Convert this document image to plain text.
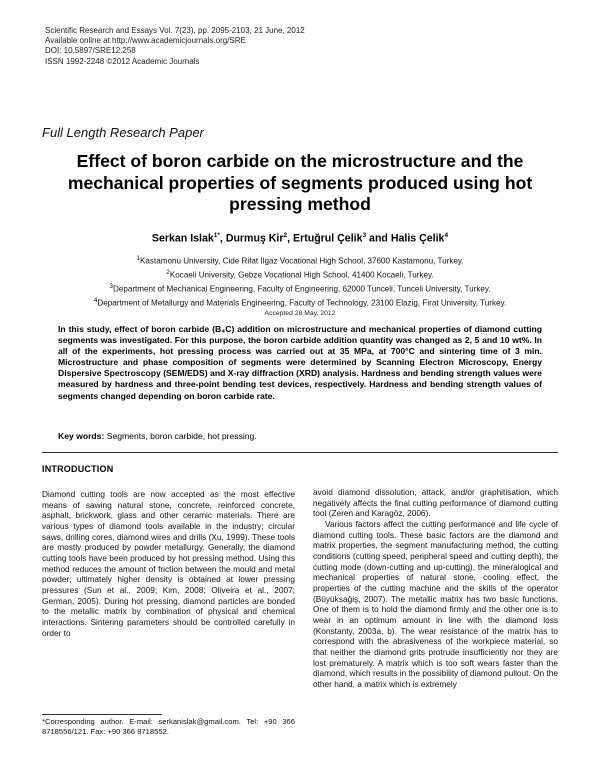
Scientific Research and Essays Vol. 7(23), pp. 2095-2103, 21 June, 2012
Available online at http://www.academicjournals.org/SRE
DOI: 10.5897/SRE12.258
ISSN 1992-2248 ©2012 Academic Journals
Full Length Research Paper
Effect of boron carbide on the microstructure and the mechanical properties of segments produced using hot pressing method
Serkan Islak$^{1*}$, Durmuş Kir$^2$, Ertuğrul Çelik$^3$ and Halis Çelik$^4$
$^1$Kastamonu University, Cide Rifat Ilgaz Vocational High School, 37600 Kastamonu, Turkey.
$^2$Kocaeli University, Gebze Vocational High School, 41400 Kocaeli, Turkey.
$^3$Department of Mechanical Engineering, Faculty of Engineering, 62000 Tunceli, Tunceli University, Turkey.
$^4$Department of Metallurgy and Materials Engineering, Faculty of Technology, 23100 Elazig, Firat University, Turkey.
Accepted 28 May, 2012
In this study, effect of boron carbide (B₄C) addition on microstructure and mechanical properties of diamond cutting segments was investigated. For this purpose, the boron carbide addition quantity was changed as 2, 5 and 10 wt%. In all of the experiments, hot pressing process was carried out at 35 MPa, at 700°C and sintering time of 3 min. Microstructure and phase composition of segments were determined by Scanning Electron Microscopy, Energy Dispersive Spectroscopy (SEM/EDS) and X-ray diffraction (XRD) analysis. Hardness and bending strength values were measured by hardness and three-point bending test devices, respectively. Hardness and bending strength values of segments changed depending on boron carbide rate.
Key words: Segments, boron carbide, hot pressing.
INTRODUCTION

Diamond cutting tools are now accepted as the most effective means of sawing natural stone, concrete, reinforced concrete, asphalt, brickwork, glass and other ceramic materials. There are various types of diamond tools available in the industry; circular saws, drilling cores, diamond wires and drills (Xu, 1999). These tools are mostly produced by powder metallurgy. Generally, the diamond cutting tools have been produced by hot pressing method. Using this method reduces the amount of friction between the mould and metal powder; ultimately higher density is obtained at lower pressing pressures (Sun et al., 2009; Kim, 2008; Oliveira et al., 2007; German, 2005). During hot pressing, diamond particles are bonded to the metallic matrix by combination of physical and chemical interactions. Sintering parameters should be controlled carefully in order to

avoid diamond dissolution, attack, and/or graphitisation, which negatively affects the final cutting performance of diamond cutting tool (Zeren and Karagöz, 2006).

Various factors affect the cutting performance and life cycle of diamond cutting tools. These basic factors are the diamond and matrix properties, the segment manufacturing method, the cutting conditions (cutting speed, peripheral speed and cutting depth), the cutting mode (down-cutting and up-cutting), the mineralogical and mechanical properties of natural stone, cooling effect, the properties of the cutting machine and the skills of the operator (Büyüksağiş, 2007). The metallic matrix has two basic functions. One of them is to hold the diamond firmly and the other one is to wear in an optimum amount in line with the diamond loss (Konstanty, 2003a, b). The wear resistance of the matrix has to correspond with the abrasiveness of the workpiece material, so that neither the diamond grits protrude insufficiently nor they are lost prematurely. A matrix which is too soft wears faster than the diamond, which results in the possibility of diamond pullout. On the other hand, a matrix which is extremely

*Corresponding author. E-mail: serkanislak@gmail.com. Tel: +90 366 8718556/121. Fax: +90 366 8718552.
